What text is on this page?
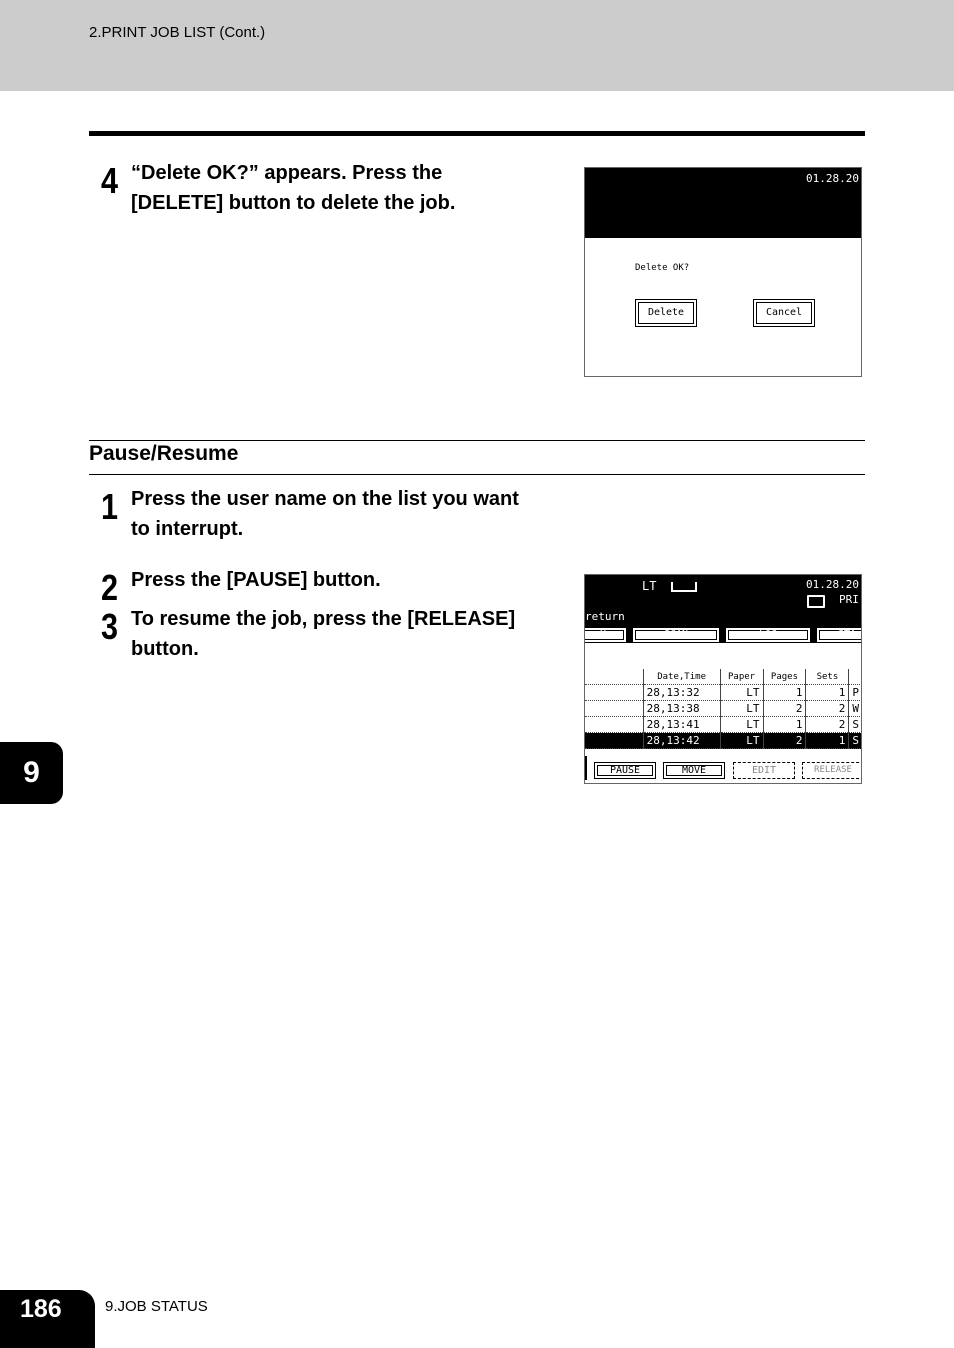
2.PRINT JOB LIST (Cont.)
4 “Delete OK?” appears. Press the
[DELETE] button to delete the job.
01.28.20
Delete OK?
Delete	Cancel
Pause/Resume
1 Press the user name on the list you want
to interrupt.
2 Press the [PAUSE] button.
3 To resume the job, press the [RELEASE]
button.
LT	01.28.20
PRI
return
X	SCAN	LOG	STA
	Date,Time	Paper	Pages	Sets	
	28,13:32	LT	1	1	P
	28,13:38	LT	2	2	W
	28,13:41	LT	1	2	S
	28,13:42	LT	2	1	S
PAUSE	MOVE	EDIT	RELEASE
9
186	9.JOB STATUS
